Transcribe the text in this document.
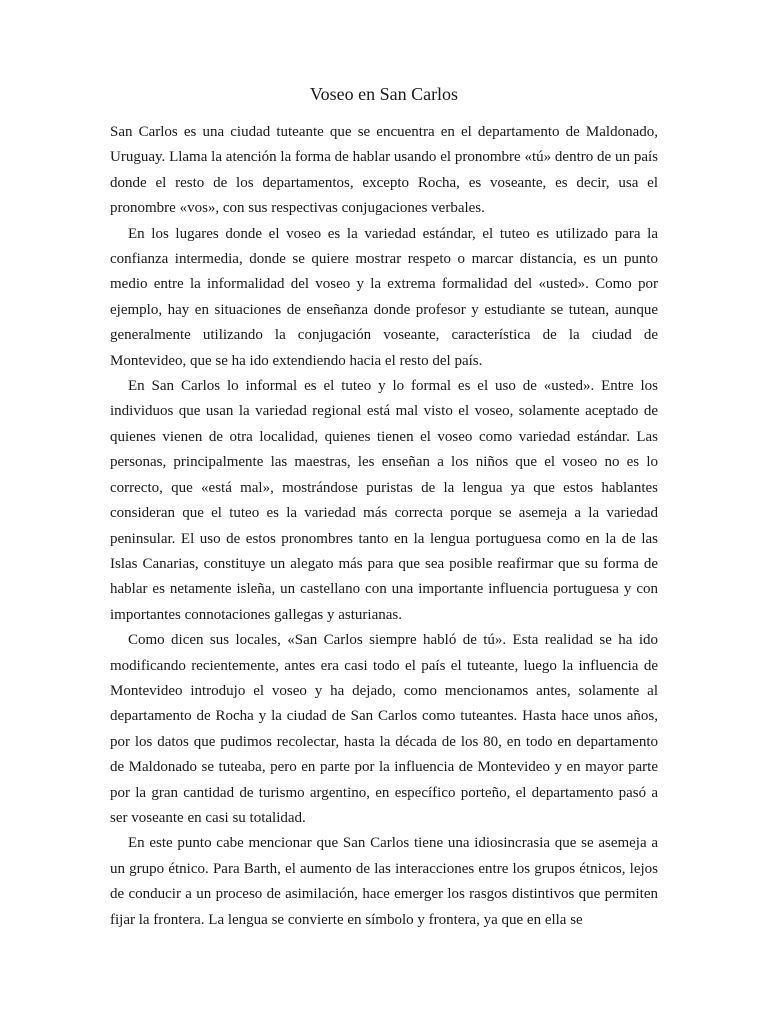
Voseo en San Carlos

San Carlos es una ciudad tuteante que se encuentra en el departamento de Maldonado, Uruguay. Llama la atención la forma de hablar usando el pronombre «tú» dentro de un país donde el resto de los departamentos, excepto Rocha, es voseante, es decir, usa el pronombre «vos», con sus respectivas conjugaciones verbales.

En los lugares donde el voseo es la variedad estándar, el tuteo es utilizado para la confianza intermedia, donde se quiere mostrar respeto o marcar distancia, es un punto medio entre la informalidad del voseo y la extrema formalidad del «usted». Como por ejemplo, hay en situaciones de enseñanza donde profesor y estudiante se tutean, aunque generalmente utilizando la conjugación voseante, característica de la ciudad de Montevideo, que se ha ido extendiendo hacia el resto del país.

En San Carlos lo informal es el tuteo y lo formal es el uso de «usted». Entre los individuos que usan la variedad regional está mal visto el voseo, solamente aceptado de quienes vienen de otra localidad, quienes tienen el voseo como variedad estándar. Las personas, principalmente las maestras, les enseñan a los niños que el voseo no es lo correcto, que «está mal», mostrándose puristas de la lengua ya que estos hablantes consideran que el tuteo es la variedad más correcta porque se asemeja a la variedad peninsular. El uso de estos pronombres tanto en la lengua portuguesa como en la de las Islas Canarias, constituye un alegato más para que sea posible reafirmar que su forma de hablar es netamente isleña, un castellano con una importante influencia portuguesa y con importantes connotaciones gallegas y asturianas.

Como dicen sus locales, «San Carlos siempre habló de tú». Esta realidad se ha ido modificando recientemente, antes era casi todo el país el tuteante, luego la influencia de Montevideo introdujo el voseo y ha dejado, como mencionamos antes, solamente al departamento de Rocha y la ciudad de San Carlos como tuteantes. Hasta hace unos años, por los datos que pudimos recolectar, hasta la década de los 80, en todo en departamento de Maldonado se tuteaba, pero en parte por la influencia de Montevideo y en mayor parte por la gran cantidad de turismo argentino, en específico porteño, el departamento pasó a ser voseante en casi su totalidad.

En este punto cabe mencionar que San Carlos tiene una idiosincrasia que se asemeja a un grupo étnico. Para Barth, el aumento de las interacciones entre los grupos étnicos, lejos de conducir a un proceso de asimilación, hace emerger los rasgos distintivos que permiten fijar la frontera. La lengua se convierte en símbolo y frontera, ya que en ella se
